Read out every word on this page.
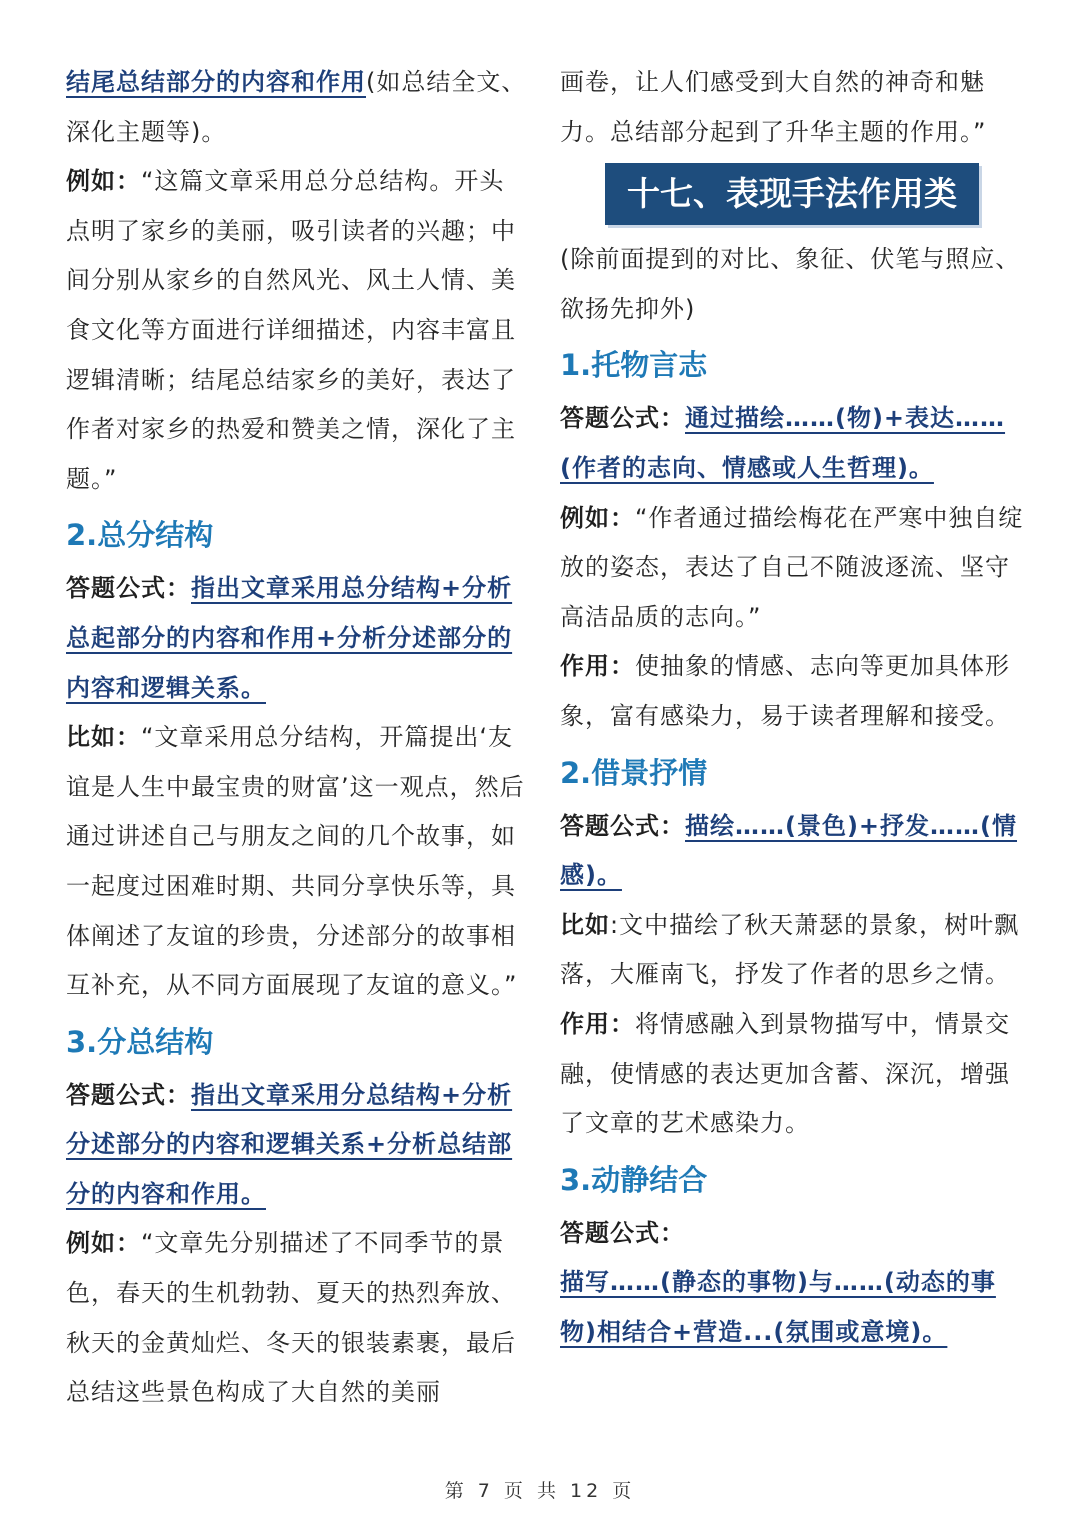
结尾总结部分的内容和作用(如总结全文、深化主题等)。

例如：“这篇文章采用总分总结构。开头点明了家乡的美丽，吸引读者的兴趣；中间分别从家乡的自然风光、风土人情、美食文化等方面进行详细描述，内容丰富且逻辑清晰；结尾总结家乡的美好，表达了作者对家乡的热爱和赞美之情，深化了主题。”

2.总分结构

答题公式：指出文章采用总分结构+分析总起部分的内容和作用+分析分述部分的内容和逻辑关系。

比如：“文章采用总分结构，开篇提出‘友谊是人生中最宝贵的财富’这一观点，然后通过讲述自己与朋友之间的几个故事，如一起度过困难时期、共同分享快乐等，具体阐述了友谊的珍贵，分述部分的故事相互补充，从不同方面展现了友谊的意义。”

3.分总结构

答题公式：指出文章采用分总结构+分析分述部分的内容和逻辑关系+分析总结部分的内容和作用。

例如：“文章先分别描述了不同季节的景色，春天的生机勃勃、夏天的热烈奔放、秋天的金黄灿烂、冬天的银装素裹，最后总结这些景色构成了大自然的美丽

画卷，让人们感受到大自然的神奇和魅力。总结部分起到了升华主题的作用。”

十七、表现手法作用类

(除前面提到的对比、象征、伏笔与照应、欲扬先抑外)

1.托物言志

答题公式：通过描绘……(物)+表达……(作者的志向、情感或人生哲理)。

例如：“作者通过描绘梅花在严寒中独自绽放的姿态，表达了自己不随波逐流、坚守高洁品质的志向。”

作用：使抽象的情感、志向等更加具体形象，富有感染力，易于读者理解和接受。

2.借景抒情

答题公式：描绘……(景色)+抒发……(情感)。

比如:文中描绘了秋天萧瑟的景象，树叶飘落，大雁南飞，抒发了作者的思乡之情。

作用：将情感融入到景物描写中，情景交融，使情感的表达更加含蓄、深沉，增强了文章的艺术感染力。

3.动静结合

答题公式：

描写……(静态的事物)与……(动态的事物)相结合+营造...(氛围或意境)。

第 7 页 共 12 页
